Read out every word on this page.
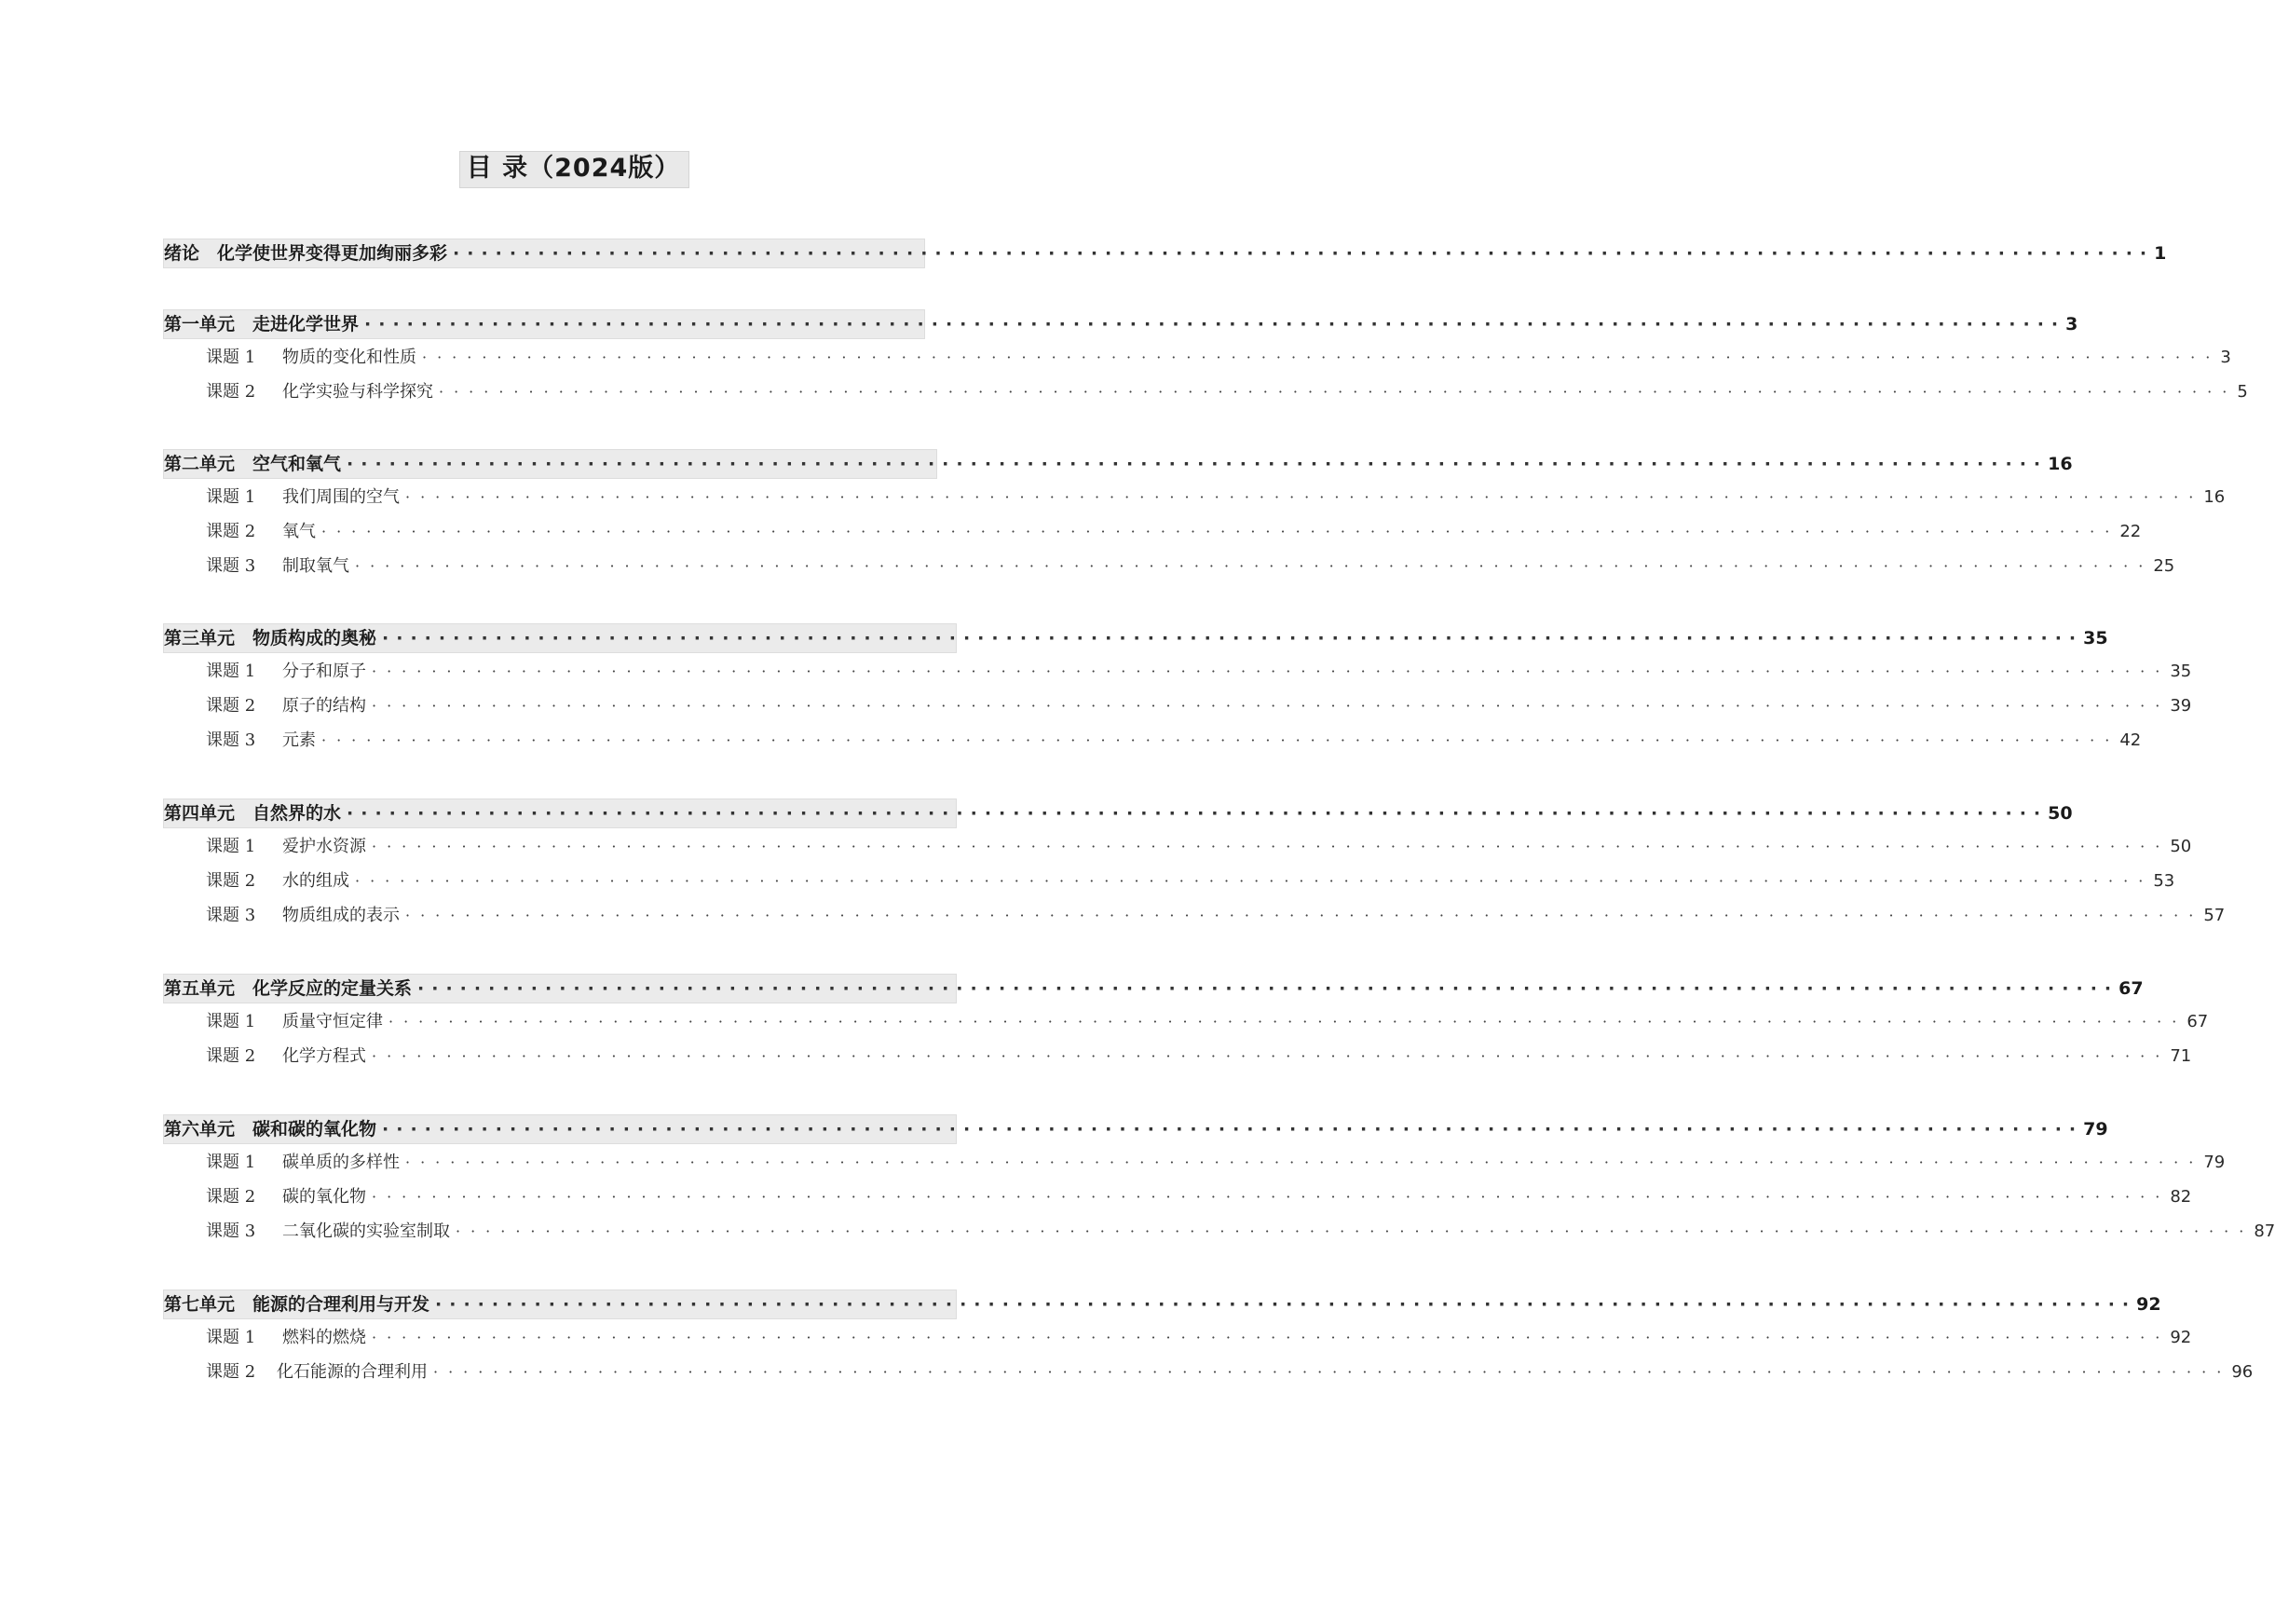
目 录（2024版）
绪论　化学使世界变得更加绚丽多彩 ························································································································ 1
第一单元　走进化学世界 ························································································································ 3
课题 1 物质的变化和性质 ························································································································ 3
课题 2 化学实验与科学探究 ························································································································ 5
第二单元　空气和氧气 ························································································································ 16
课题 1 我们周围的空气 ························································································································ 16
课题 2 氧气 ························································································································ 22
课题 3 制取氧气 ························································································································ 25
第三单元　物质构成的奥秘 ························································································································ 35
课题 1 分子和原子 ························································································································ 35
课题 2 原子的结构 ························································································································ 39
课题 3 元素 ························································································································ 42
第四单元　自然界的水 ························································································································ 50
课题 1 爱护水资源 ························································································································ 50
课题 2 水的组成 ························································································································ 53
课题 3 物质组成的表示 ························································································································ 57
第五单元　化学反应的定量关系 ························································································································ 67
课题 1 质量守恒定律 ························································································································ 67
课题 2 化学方程式 ························································································································ 71
第六单元　碳和碳的氧化物 ························································································································ 79
课题 1 碳单质的多样性 ························································································································ 79
课题 2 碳的氧化物 ························································································································ 82
课题 3 二氧化碳的实验室制取 ························································································································ 87
第七单元　能源的合理利用与开发 ························································································································ 92
课题 1 燃料的燃烧 ························································································································ 92
课题 2 化石能源的合理利用 ························································································································ 96
